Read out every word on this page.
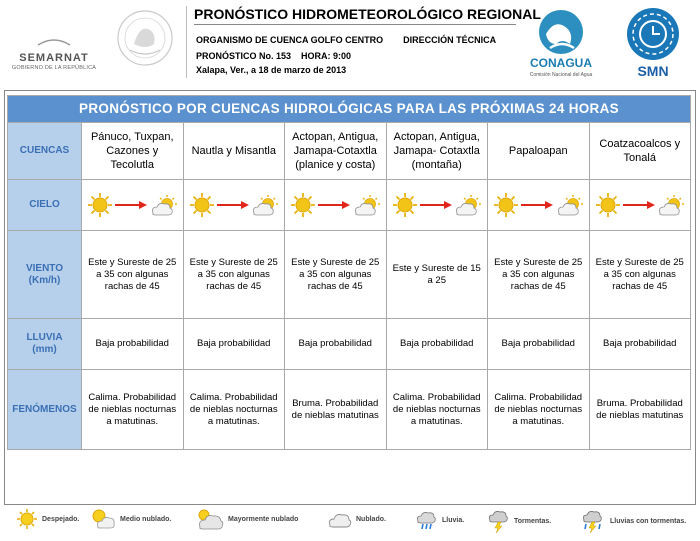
SEMARNAT
GOBIERNO DE LA REPÚBLICA
PRONÓSTICO HIDROMETEOROLÓGICO REGIONAL
ORGANISMO DE CUENCA GOLFO CENTRO DIRECCIÓN TÉCNICA
PRONÓSTICO No. 153 HORA: 9:00
Xalapa, Ver., a 18 de marzo de 2013	CONAGUA
Comisión Nacional del Agua	SMN
PRONÓSTICO POR CUENCAS HIDROLÓGICAS PARA LAS PRÓXIMAS 24 HORAS						
CUENCAS	Pánuco, Tuxpan, Cazones y Tecolutla	Nautla y Misantla	Actopan, Antigua, Jamapa-Cotaxtla (planice y costa)	Actopan, Antigua, Jamapa- Cotaxtla (montaña)	Papaloapan	Coatzacoalcos y Tonalá
CIELO	

VIENTO
(Km/h)	Este y Sureste de 25 a 35 con algunas rachas de 45	Este y Sureste de 25 a 35 con algunas rachas de 45	Este y Sureste de 25 a 35 con algunas rachas de 45	Este y Sureste de 15 a 25	Este y Sureste de 25 a 35 con algunas rachas de 45	Este y Sureste de 25 a 35 con algunas rachas de 45
LLUVIA
(mm)	Baja probabilidad	Baja probabilidad	Baja probabilidad	Baja probabilidad	Baja probabilidad	Baja probabilidad
FENÓMENOS	Calima. Probabilidad de nieblas nocturnas a matutinas.	Calima. Probabilidad de nieblas nocturnas a matutinas.	Bruma. Probabilidad de nieblas matutinas	Calima. Probabilidad de nieblas nocturnas a matutinas.	Calima. Probabilidad de nieblas nocturnas a matutinas.	Bruma. Probabilidad de nieblas matutinas
Despejado.	Medio nublado.	Mayormente nublado	Nublado.	Lluvia.	Tormentas.	Lluvias con tormentas.
